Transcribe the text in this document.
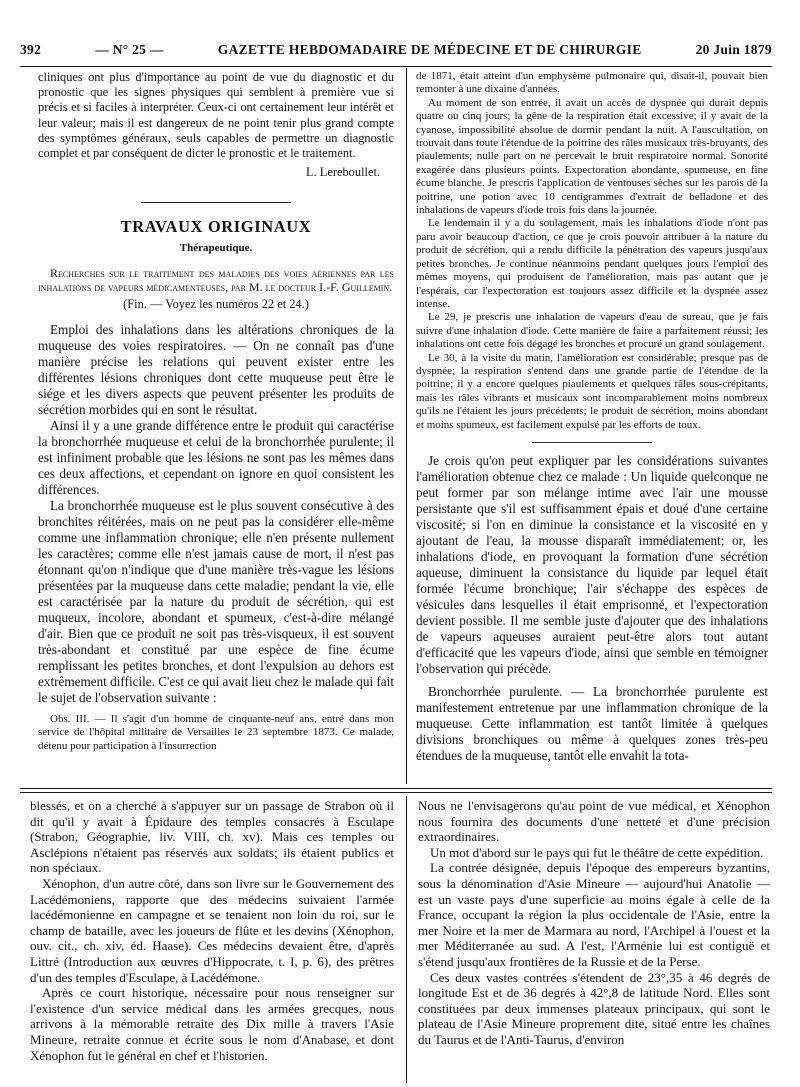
392	— N° 25 —	GAZETTE HEBDOMADAIRE DE MÉDECINE ET DE CHIRURGIE	20 Juin 1879

cliniques ont plus d'importance au point de vue du diagnostic et du pronostic que les signes physiques qui semblent à première vue si précis et si faciles à interpréter. Ceux-ci ont certainement leur intérêt et leur valeur; mais il est dangereux de ne point tenir plus grand compte des symptômes généraux, seuls capables de permettre un diagnostic complet et par conséquent de dicter le pronostic et le traitement.

L. Lereboullet.
TRAVAUX ORIGINAUX
Thérapeutique.

Recherches sur le traitement des maladies des voies aériennes par les inhalations de vapeurs médicamenteuses, par M. le docteur I.-F. Guillemin.

(Fin. — Voyez les numéros 22 et 24.)

Emploi des inhalations dans les altérations chroniques de la muqueuse des voies respiratoires. — On ne connaît pas d'une manière précise les relations qui peuvent exister entre les différentes lésions chroniques dont cette muqueuse peut être le siége et les divers aspects que peuvent présenter les produits de sécrétion morbides qui en sont le résultat.

Ainsi il y a une grande différence entre le produit qui caractérise la bronchorrhée muqueuse et celui de la bronchorrhée purulente; il est infiniment probable que les lésions ne sont pas les mêmes dans ces deux affections, et cependant on ignore en quoi consistent les différences.

La bronchorrhée muqueuse est le plus souvent consécutive à des bronchites réitérées, mais on ne peut pas la considérer elle-même comme une inflammation chronique; elle n'en présente nullement les caractères; comme elle n'est jamais cause de mort, il n'est pas étonnant qu'on n'indique que d'une manière très-vague les lésions présentées par la muqueuse dans cette maladie; pendant la vie, elle est caractérisée par la nature du produit de sécrétion, qui est muqueux, incolore, abondant et spumeux, c'est-à-dire mélangé d'air. Bien que ce produit ne soit pas très-visqueux, il est souvent très-abondant et constitué par une espèce de fine écume remplissant les petites bronches, et dont l'expulsion au dehors est extrêmement difficile. C'est ce qui avait lieu chez le malade qui fait le sujet de l'observation suivante :

Obs. III. — Il s'agit d'un homme de cinquante-neuf ans, entré dans mon service de l'hôpital militaire de Versailles le 23 septembre 1873. Ce malade, détenu pour participation à l'insurrection

de 1871, était atteint d'un emphysème pulmonaire qui, disait-il, pouvait bien remonter à une dixaine d'années.

Au moment de son entrée, il avait un accès de dyspnée qui durait depuis quatre ou cinq jours; la gêne de la respiration était excessive; il y avait de la cyanose, impossibilité absolue de dormir pendant la nuit. A l'auscultation, on trouvait dans toute l'étendue de la poitrine des râles musicaux très-bruyants, des piaulements; nulle part on ne percevait le bruit respiratoire normal. Sonorité exagérée dans plusieurs points. Expectoration abondante, spumeuse, en fine écume blanche. Je prescris l'application de ventouses sèches sur les parois de la poitrine, une potion avec 10 centigrammes d'extrait de belladone et des inhalations de vapeurs d'iode trois fois dans la journée.

Le lendemain il y a du soulagement, mais les inhalations d'iode n'ont pas paru avoir beaucoup d'action, ce que je crois pouvoir attribuer à la nature du produit de sécrétion, qui a rendu difficile la pénétration des vapeurs jusqu'aux petites bronches. Je continue néanmoins pendant quelques jours l'emploi des mêmes moyens, qui produisent de l'amélioration, mais pas autant que je l'espérais, car l'expectoration est toujours assez difficile et la dyspnée assez intense.

Le 29, je prescris une inhalation de vapeurs d'eau de sureau, que je fais suivre d'une inhalation d'iode. Cette manière de faire a parfaitement réussi; les inhalations ont cette fois dégagé les bronches et procuré un grand soulagement.

Le 30, à la visite du matin, l'amélioration est considérable; presque pas de dyspnée; la respiration s'entend dans une grande partie de l'étendue de la poitrine; il y a encore quelques piaulements et quelques râles sous-crépitants, mais les râles vibrants et musicaux sont incomparablement moins nombreux qu'ils ne l'étaient les jours précédents; le produit de sécrétion, moins abondant et moins spumeux, est facilement expulsé par les efforts de toux.

Je crois qu'on peut expliquer par les considérations suivantes l'amélioration obtenue chez ce malade : Un liquide quelconque ne peut former par son mélange intime avec l'air une mousse persistante que s'il est suffisamment épais et doué d'une certaine viscosité; si l'on en diminue la consistance et la viscosité en y ajoutant de l'eau, la mousse disparaît immédiatement; or, les inhalations d'iode, en provoquant la formation d'une sécrétion aqueuse, diminuent la consistance du liquide par lequel était formée l'écume bronchique; l'air s'échappe des espèces de vésicules dans lesquelles il était emprisonné, et l'expectoration devient possible. Il me semble juste d'ajouter que des inhalations de vapeurs aqueuses auraient peut-être alors tout autant d'efficacité que les vapeurs d'iode, ainsi que semble en témoigner l'observation qui précède.

Bronchorrhée purulente. — La bronchorrhée purulente est manifestement entretenue par une inflammation chronique de la muqueuse. Cette inflammation est tantôt limitée à quelques divisions bronchiques ou même à quelques zones très-peu étendues de la muqueuse, tantôt elle envahit la tota-

blessés, et on a cherché à s'appuyer sur un passage de Strabon où il dit qu'il y avait à Épidaure des temples consacrés à Esculape (Strabon, Géographie, liv. VIII, ch. xv). Mais ces temples ou Asclépions n'étaient pas réservés aux soldats; ils étaient publics et non spéciaux.

Xénophon, d'un autre côté, dans son livre sur le Gouvernement des Lacédémoniens, rapporte que des médecins suivaient l'armée lacédémonienne en campagne et se tenaient non loin du roi, sur le champ de bataille, avec les joueurs de flûte et les devins (Xénophon, ouv. cit., ch. xiv, éd. Haase). Ces médecins devaient être, d'après Littré (Introduction aux œuvres d'Hippocrate, t. I, p. 6), des prêtres d'un des temples d'Esculape, à Lacédémone.

Après ce court historique, nécessaire pour nous renseigner sur l'existence d'un service médical dans les armées grecques, nous arrivons à la mémorable retraite des Dix mille à travers l'Asie Mineure, retraite connue et écrite sous le nom d'Anabase, et dont Xénophon fut le général en chef et l'historien.

Nous ne l'envisagerons qu'au point de vue médical, et Xénophon nous fournira des documents d'une netteté et d'une précision extraordinaires.

Un mot d'abord sur le pays qui fut le théâtre de cette expédition.

La contrée désignée, depuis l'époque des empereurs byzantins, sous la dénomination d'Asie Mineure — aujourd'hui Anatolie — est un vaste pays d'une superficie au moins égale à celle de la France, occupant la région la plus occidentale de l'Asie, entre la mer Noire et la mer de Marmara au nord, l'Archipel à l'ouest et la mer Méditerranée au sud. A l'est, l'Arménie lui est contiguë et s'étend jusqu'aux frontières de la Russie et de la Perse.

Ces deux vastes contrées s'étendent de 23°,35 à 46 degrés de longitude Est et de 36 degrés à 42°,8 de latitude Nord. Elles sont constituées par deux immenses plateaux principaux, qui sont le plateau de l'Asie Mineure proprement dite, situé entre les chaînes du Taurus et de l'Anti-Taurus, d'environ
